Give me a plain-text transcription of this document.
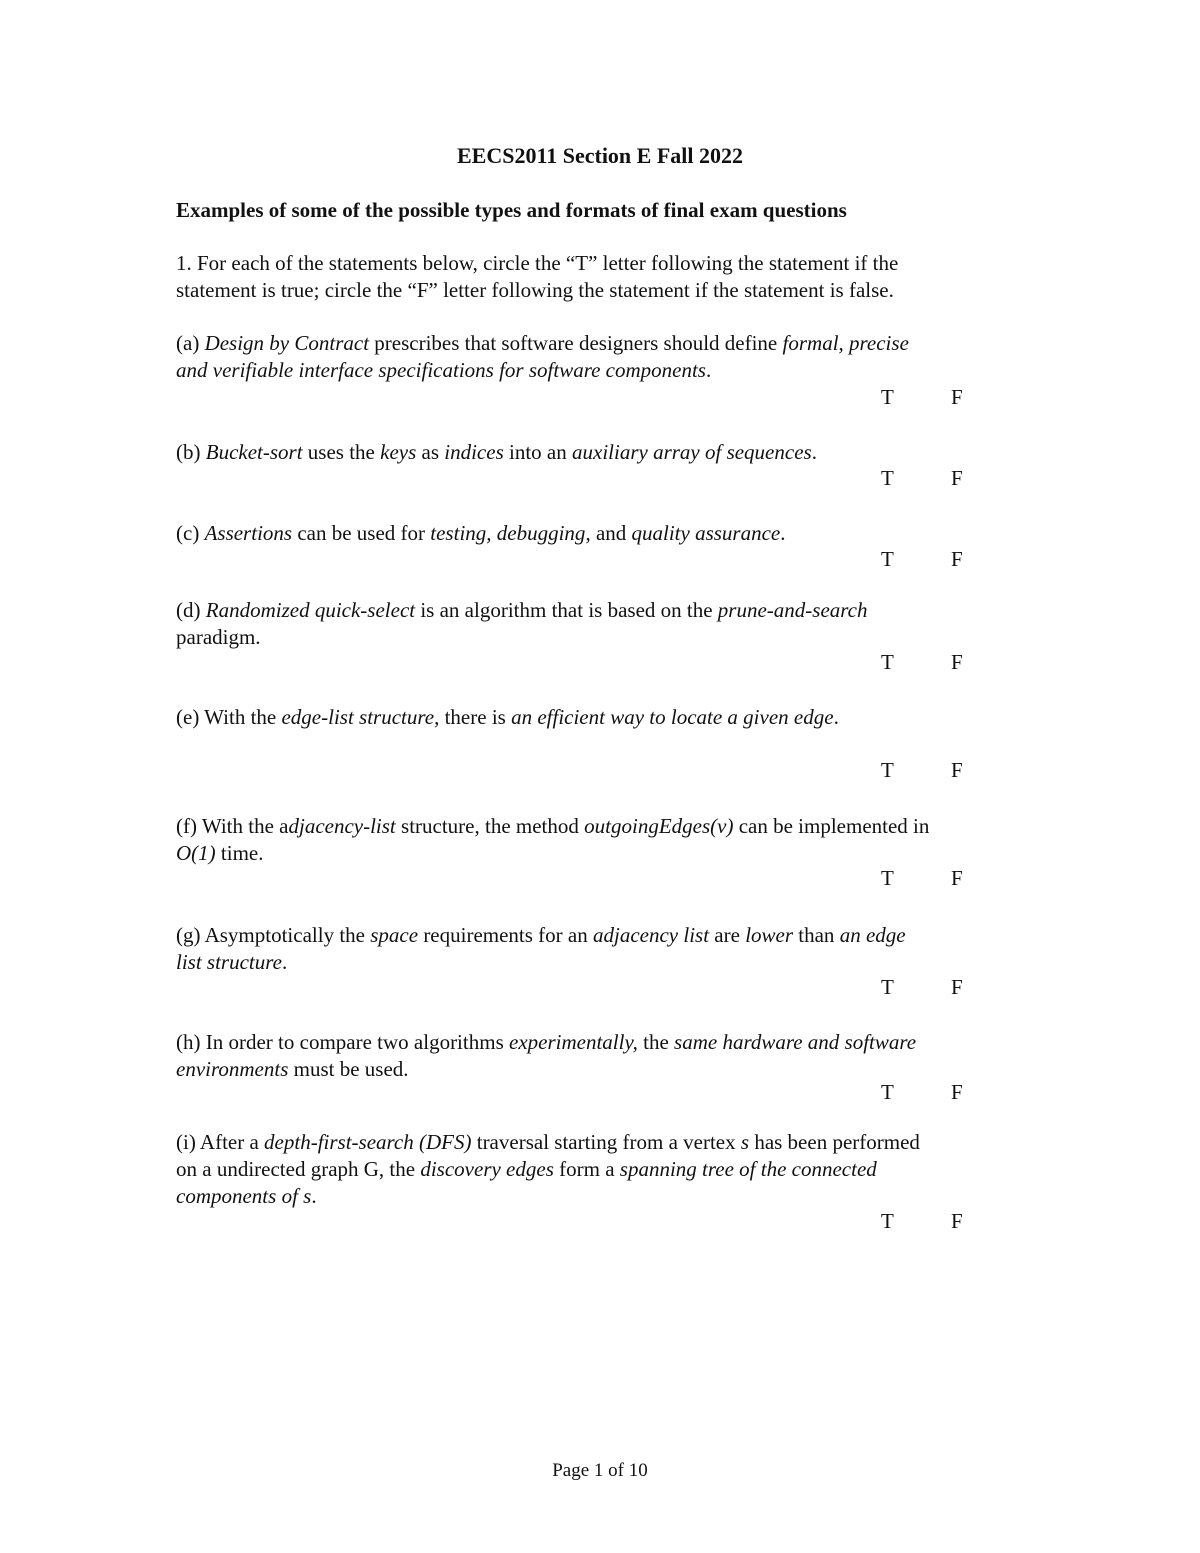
EECS2011 Section E Fall 2022
Examples of some of the possible types and formats of final exam questions
1. For each of the statements below, circle the “T” letter following the statement if the
statement is true; circle the “F” letter following the statement if the statement is false.
(a) Design by Contract prescribes that software designers should define formal, precise
and verifiable interface specifications for software components.
T	F
(b) Bucket-sort uses the keys as indices into an auxiliary array of sequences.
T	F
(c) Assertions can be used for testing, debugging, and quality assurance.
T	F
(d) Randomized quick-select is an algorithm that is based on the prune-and-search
paradigm.
T	F
(e) With the edge-list structure, there is an efficient way to locate a given edge.
T	F
(f) With the adjacency-list structure, the method outgoingEdges(v) can be implemented in
O(1) time.
T	F
(g) Asymptotically the space requirements for an adjacency list are lower than an edge
list structure.
T	F
(h) In order to compare two algorithms experimentally, the same hardware and software
environments must be used.
T	F
(i) After a depth-first-search (DFS) traversal starting from a vertex s has been performed
on a undirected graph G, the discovery edges form a spanning tree of the connected
components of s.
T	F
Page 1 of 10
